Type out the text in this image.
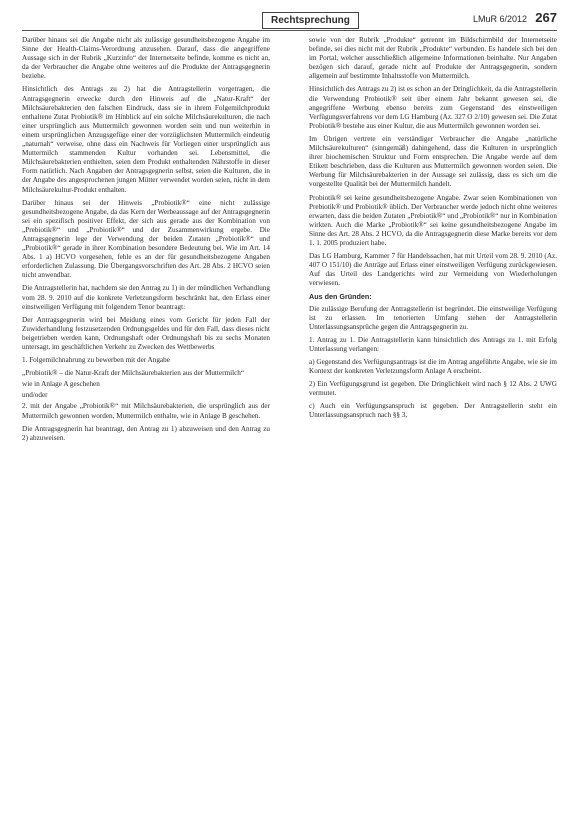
Rechtsprechung	LMuR 6/2012 267

Darüber hinaus sei die Angabe nicht als zulässige gesundheitsbezogene Angabe im Sinne der Health-Claims-Verordnung anzusehen. Darauf, dass die angegriffene Aussage sich in der Rubrik „Kurzinfo“ der Internetseite befinde, komme es nicht an, da der Verbraucher die Angabe ohne weiteres auf die Produkte der Antragsgegnerin beziehe.

Hinsichtlich des Antrags zu 2) hat die Antragstellerin vorgetragen, die Antragsgegnerin erwecke durch den Hinweis auf die „Natur-Kraft“ der Milchsäurebakterien den falschen Eindruck, dass sie in ihrem Folgemilchprodukt enthaltene Zutat Probiotik® im Hinblick auf ein solche Milchsäurekulturen, die nach einer ursprünglich aus Muttermilch gewonnen worden sein und nun weiterhin in einem ursprünglichen Anzugsgefüge einer der vorzüglichsten Muttermilch eindeutig „naturnah“ verweise, ohne dass ein Nachweis für Vorliegen einer ursprünglich aus Muttermilch stammenden Kultur vorhanden sei. Lebensmittel, die Milchsäurebakterien enthielten, seien dem Produkt enthaltenden Nährstoffe in dieser Form natürlich. Nach Angaben der Antragsgegnerin selbst, seien die Kulturen, die in der Angabe des angesprochenen jungen Mütter verwendet worden seien, nicht in dem Milchsäurekultur-Produkt enthalten.

Darüber hinaus sei der Hinweis „Probiotik®“ eine nicht zulässige gesundheitsbezogene Angabe, da das Kern der Werbeaussage auf der Antragsgegnerin sei ein spezifisch positiver Effekt, der sich aus gerade aus der Kombination von „Prebiotik®“ und „Probiotik®“ und der Zusammenwirkung ergebe. Die Antragsgegnerin lege der Verwendung der beiden Zutaten „Prebiotik®“ und „Probiotik®“ gerade in ihrer Kombination besondere Bedeutung bei. Wie im Art. 14 Abs. 1 a) HCVO vorgesehen, fehle es an der für gesundheitsbezogene Angaben erforderlichen Zulassung. Die Übergangsvorschriften des Art. 28 Abs. 2 HCVO seien nicht anwendbar.

Die Antragstellerin hat, nachdem sie den Antrag zu 1) in der mündlichen Verhandlung vom 28. 9. 2010 auf die konkrete Verletzungsform beschränkt hat, den Erlass einer einstweiligen Verfügung mit folgendem Tenor beantragt:

Der Antragsgegnerin wird bei Meidung eines vom Gericht für jeden Fall der Zuwiderhandlung festzusetzenden Ordnungsgeldes und für den Fall, dass dieses nicht beigetrieben werden kann, Ordnungshaft oder Ordnungshaft bis zu sechs Monaten untersagt, im geschäftlichen Verkehr zu Zwecken des Wettbewerbs

1. Folgemilchnahrung zu bewerben mit der Angabe

„Probiotik® – die Natur-Kraft der Milchsäurebakterien aus der Muttermilch“

wie in Anlage A geschehen

und/oder

2. mit der Angabe „Probiotik®“ mit Milchsäurebakterien, die ursprünglich aus der Muttermilch gewonnen worden, Muttermilch enthalte, wie in Anlage B geschehen.

Die Antragsgegnerin hat beantragt, den Antrag zu 1) abzuweisen und den Antrag zu 2) abzuweisen.

sowie von der Rubrik „Produkte“ getrennt im Bildschirmbild der Internetseite befinde, sei dies nicht mit der Rubrik „Produkte“ verbunden. Es handele sich bei den im Portal, welcher ausschließlich allgemeine Informationen beinhalte. Nur Angaben bezögen sich darauf, gerade nicht auf Produkte der Antragsgegnerin, sondern allgemein auf bestimmte Inhaltsstoffe von Muttermilch.

Hinsichtlich des Antrags zu 2) ist es schon an der Dringlichkeit, da die Antragstellerin die Verwendung Probiotik® seit über einem Jahr bekannt gewesen sei, die angegriffene Werbung ebenso bereits zum Gegenstand des einstweiligen Verfügungsverfahrens vor dem LG Hamburg (Az. 327 O 2/10) gewesen sei. Die Zutat Probiotik® bestehe aus einer Kultur, die aus Muttermilch gewonnen worden sei.

Im Übrigen vertrete ein verständiger Verbraucher die Angabe „natürliche Milchsäurekulturen“ (sinngemäß) dahingehend, dass die Kulturen in ursprünglich ihrer biochemischen Struktur und Form entsprechen. Die Angabe werde auf dem Etikett beschrieben, dass die Kulturen aus Muttermilch gewonnen worden seien. Die Werbung für Milchsäurebakterien in der Aussage sei zulässig, dass es sich um die vorgestellte Qualität bei der Muttermilch handelt.

Probiotik® sei keine gesundheitsbezogene Angabe. Zwar seien Kombinationen von Prebiotik® und Probiotik® üblich. Der Verbraucher werde jedoch nicht ohne weiteres erwarten, dass die beiden Zutaten „Prebiotik®“ und „Probiotik®“ nur in Kombination wirkten. Auch die Marke „Probiotik®“ sei keine gesundheitsbezogene Angabe im Sinne des Art. 28 Abs. 2 HCVO, da die Antragsgegnerin diese Marke bereits vor dem 1. 1. 2005 produziert habe.

Das LG Hamburg, Kammer 7 für Handelssachen, hat mit Urteil vom 28. 9. 2010 (Az. 407 O 151/10) die Anträge auf Erlass einer einstweiligen Verfügung zurückgewiesen. Auf das Urteil des Landgerichts wird zur Vermeidung von Wiederholungen verwiesen.

Aus den Gründen:

Die zulässige Berufung der Antragstellerin ist begründet. Die einstweilige Verfügung ist zu erlassen. Im tenorierten Umfang stehen der Antragstellerin Unterlassungsansprüche gegen die Antragsgegnerin zu.

1. Antrag zu 1. Die Antragstellerin kann hinsichtlich des Antrags zu 1. mit Erfolg Unterlassung verlangen:

a) Gegenstand des Verfügungsantrags ist die im Antrag angeführte Angabe, wie sie im Kontext der konkreten Verletzungsform Anlage A erscheint.

2) Ein Verfügungsgrund ist gegeben. Die Dringlichkeit wird nach § 12 Abs. 2 UWG vermutet.

c) Auch ein Verfügungsanspruch ist gegeben. Der Antragstellerin steht ein Unterlassungsanspruch nach §§ 3,
